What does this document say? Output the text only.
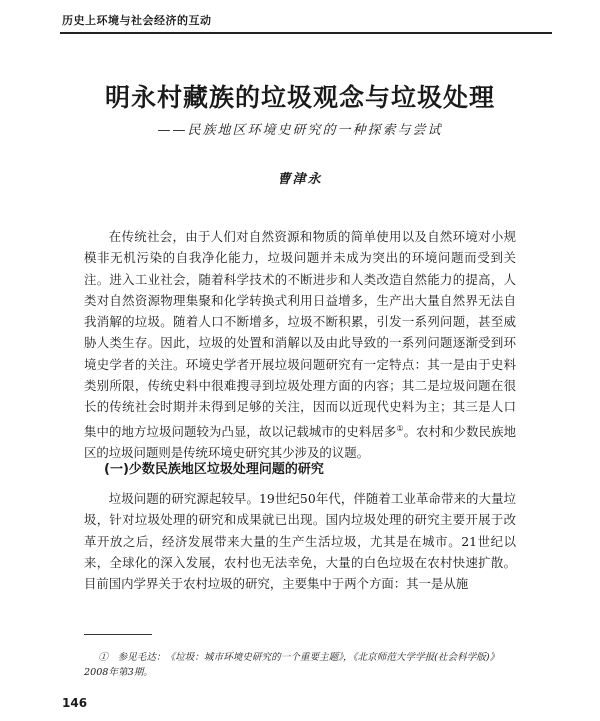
历史上环境与社会经济的互动
明永村藏族的垃圾观念与垃圾处理
——民族地区环境史研究的一种探索与尝试
曹津永

在传统社会，由于人们对自然资源和物质的简单使用以及自然环境对小规模非无机污染的自我净化能力，垃圾问题并未成为突出的环境问题而受到关注。进入工业社会，随着科学技术的不断进步和人类改造自然能力的提高，人类对自然资源物理集聚和化学转换式利用日益增多，生产出大量自然界无法自我消解的垃圾。随着人口不断增多，垃圾不断积累，引发一系列问题，甚至威胁人类生存。因此，垃圾的处置和消解以及由此导致的一系列问题逐渐受到环境史学者的关注。环境史学者开展垃圾问题研究有一定特点：其一是由于史料类别所限，传统史料中很难搜寻到垃圾处理方面的内容；其二是垃圾问题在很长的传统社会时期并未得到足够的关注，因而以近现代史料为主；其三是人口集中的地方垃圾问题较为凸显，故以记载城市的史料居多①。农村和少数民族地区的垃圾问题则是传统环境史研究其少涉及的议题。

(一)少数民族地区垃圾处理问题的研究

垃圾问题的研究源起较早。19世纪50年代，伴随着工业革命带来的大量垃圾，针对垃圾处理的研究和成果就已出现。国内垃圾处理的研究主要开展于改革开放之后，经济发展带来大量的生产生活垃圾，尤其是在城市。21世纪以来，全球化的深入发展，农村也无法幸免，大量的白色垃圾在农村快速扩散。目前国内学界关于农村垃圾的研究，主要集中于两个方面：其一是从施

①　参见毛达：《垃圾：城市环境史研究的一个重要主题》，《北京师范大学学报(社会科学版)》2008年第3期。

146
